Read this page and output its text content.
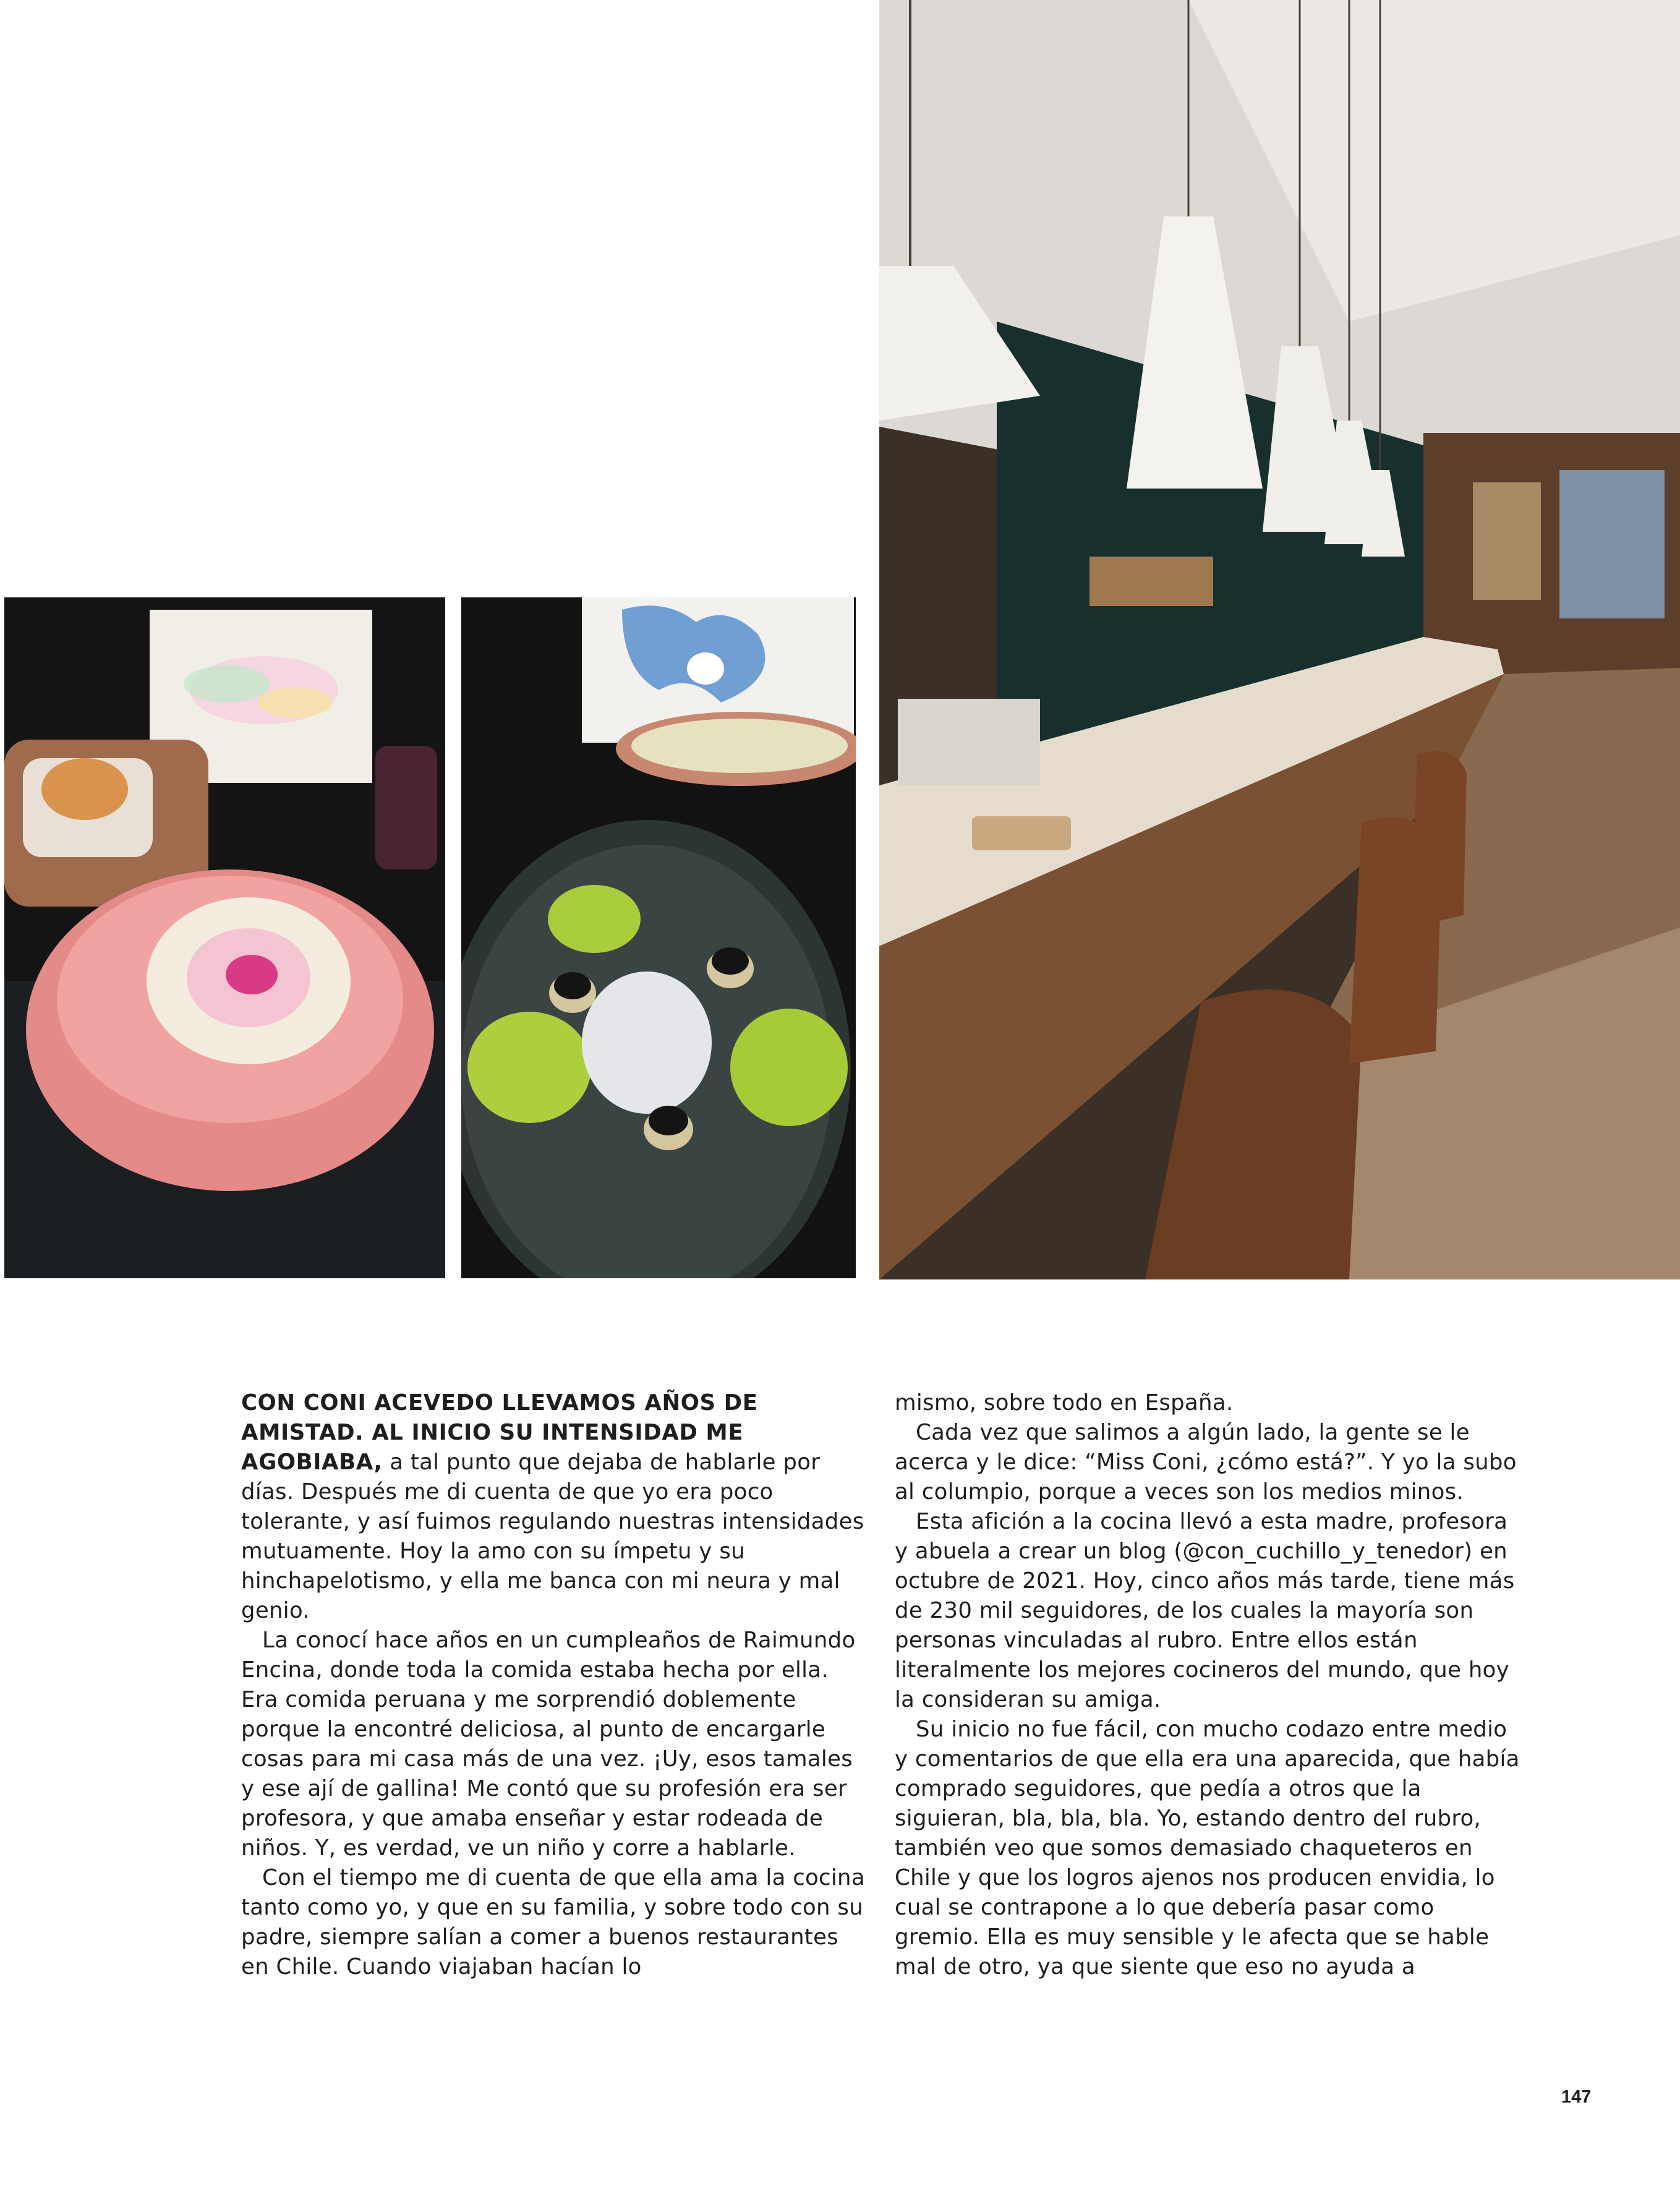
CON CONI ACEVEDO LLEVAMOS AÑOS DE AMISTAD. AL INICIO SU INTENSIDAD ME AGOBIABA, a tal punto que dejaba de hablarle por días. Después me di cuenta de que yo era poco tolerante, y así fuimos regulando nuestras intensidades mutuamente. Hoy la amo con su ímpetu y su hinchapelotismo, y ella me banca con mi neura y mal genio.

La conocí hace años en un cumpleaños de Raimundo Encina, donde toda la comida estaba hecha por ella. Era comida peruana y me sorprendió doblemente porque la encontré deliciosa, al punto de encargarle cosas para mi casa más de una vez. ¡Uy, esos tamales y ese ají de gallina! Me contó que su profesión era ser profesora, y que amaba enseñar y estar rodeada de niños. Y, es verdad, ve un niño y corre a hablarle.

Con el tiempo me di cuenta de que ella ama la cocina tanto como yo, y que en su familia, y sobre todo con su padre, siempre salían a comer a buenos restaurantes en Chile. Cuando viajaban hacían lo

mismo, sobre todo en España.

Cada vez que salimos a algún lado, la gente se le acerca y le dice: “Miss Coni, ¿cómo está?”. Y yo la subo al columpio, porque a veces son los medios minos.

Esta afición a la cocina llevó a esta madre, profesora y abuela a crear un blog (@con_cuchillo_y_tenedor) en octubre de 2021. Hoy, cinco años más tarde, tiene más de 230 mil seguidores, de los cuales la mayoría son personas vinculadas al rubro. Entre ellos están literalmente los mejores cocineros del mundo, que hoy la consideran su amiga.

Su inicio no fue fácil, con mucho codazo entre medio y comentarios de que ella era una aparecida, que había comprado seguidores, que pedía a otros que la siguieran, bla, bla, bla. Yo, estando dentro del rubro, también veo que somos demasiado chaqueteros en Chile y que los logros ajenos nos producen envidia, lo cual se contrapone a lo que debería pasar como gremio. Ella es muy sensible y le afecta que se hable mal de otro, ya que siente que eso no ayuda a

147
